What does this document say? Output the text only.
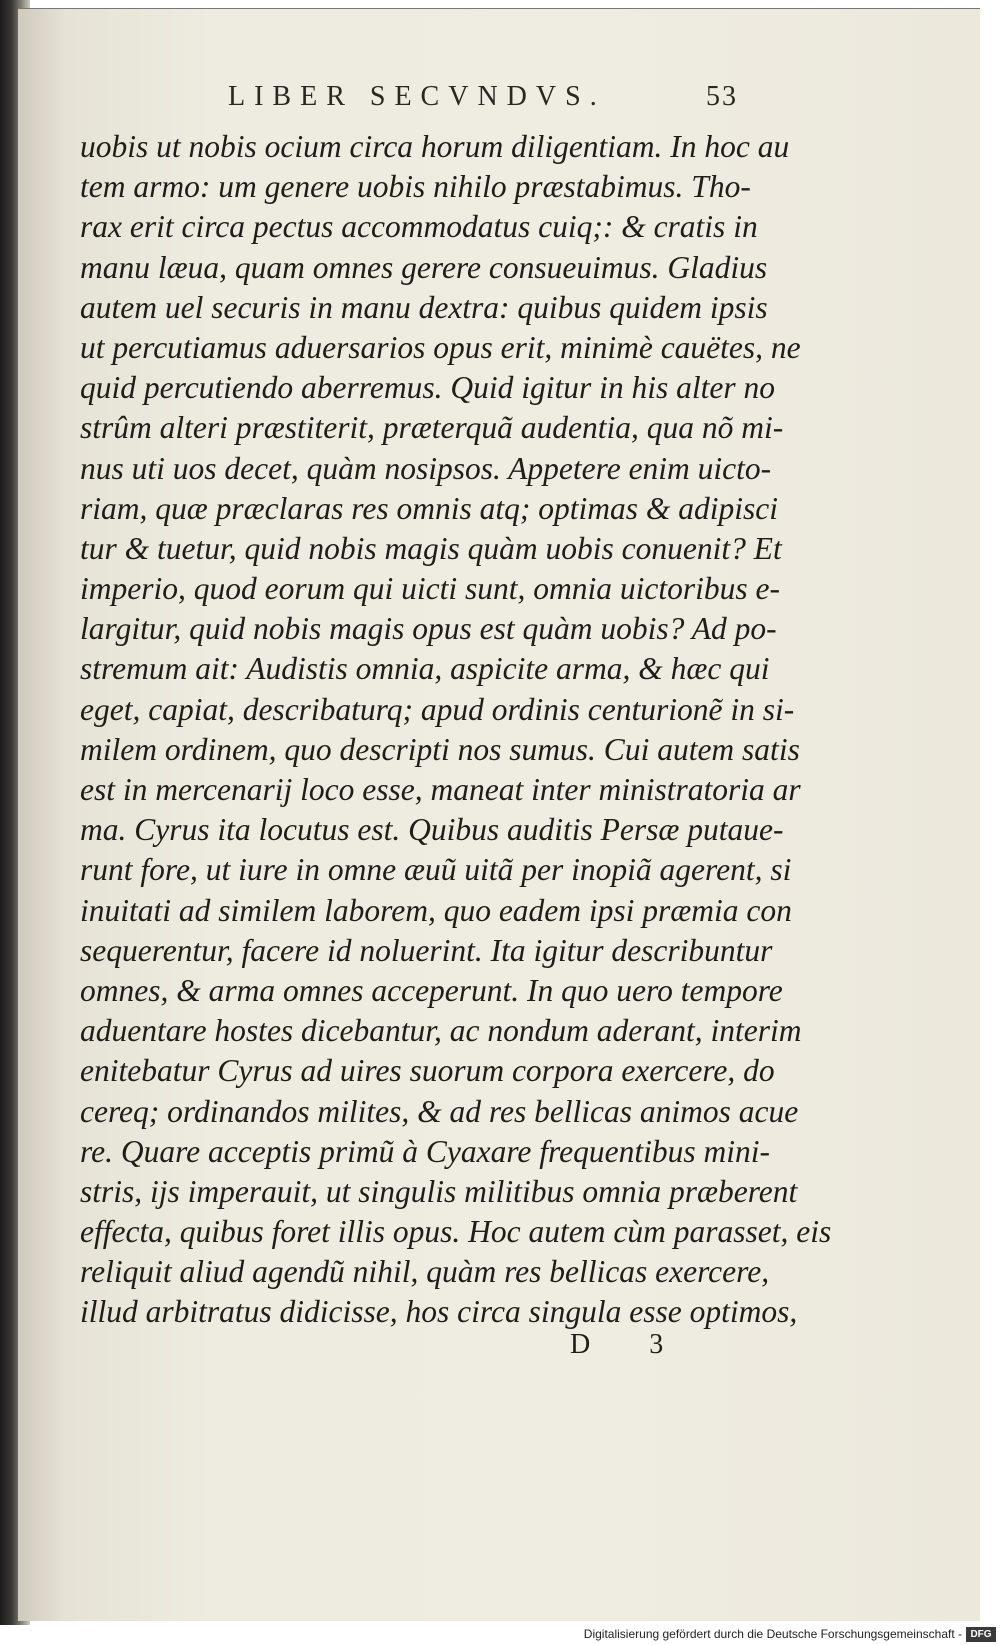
LIBER SECVNDVS.	53
uobis ut nobis ocium circa horum diligentiam. In hoc au
tem armo: um genere uobis nihilo præstabimus. Tho-
rax erit circa pectus accommodatus cuiq;: & cratis in
manu læua, quam omnes gerere consueuimus. Gladius
autem uel securis in manu dextra: quibus quidem ipsis
ut percutiamus aduersarios opus erit, minimè cauëtes, ne
quid percutiendo aberremus. Quid igitur in his alter no
strûm alteri præstiterit, præterquã audentia, qua nõ mi-
nus uti uos decet, quàm nosipsos. Appetere enim uicto-
riam, quæ præclaras res omnis atq; optimas & adipisci
tur & tuetur, quid nobis magis quàm uobis conuenit? Et
imperio, quod eorum qui uicti sunt, omnia uictoribus e-
largitur, quid nobis magis opus est quàm uobis? Ad po-
stremum ait: Audistis omnia, aspicite arma, & hæc qui
eget, capiat, describaturq; apud ordinis centurionẽ in si-
milem ordinem, quo descripti nos sumus. Cui autem satis
est in mercenarij loco esse, maneat inter ministratoria ar
ma. Cyrus ita locutus est. Quibus auditis Persæ putaue-
runt fore, ut iure in omne æuũ uitã per inopiã agerent, si
inuitati ad similem laborem, quo eadem ipsi præmia con
sequerentur, facere id noluerint. Ita igitur describuntur
omnes, & arma omnes acceperunt. In quo uero tempore
aduentare hostes dicebantur, ac nondum aderant, interim
enitebatur Cyrus ad uires suorum corpora exercere, do
cereq; ordinandos milites, & ad res bellicas animos acue
re. Quare acceptis primũ à Cyaxare frequentibus mini-
stris, ijs imperauit, ut singulis militibus omnia præberent
effecta, quibus foret illis opus. Hoc autem cùm parasset, eis
reliquit aliud agendũ nihil, quàm res bellicas exercere,
illud arbitratus didicisse, hos circa singula esse optimos,
D 3
Digitalisierung gefördert durch die Deutsche Forschungsgemeinschaft - DFG
